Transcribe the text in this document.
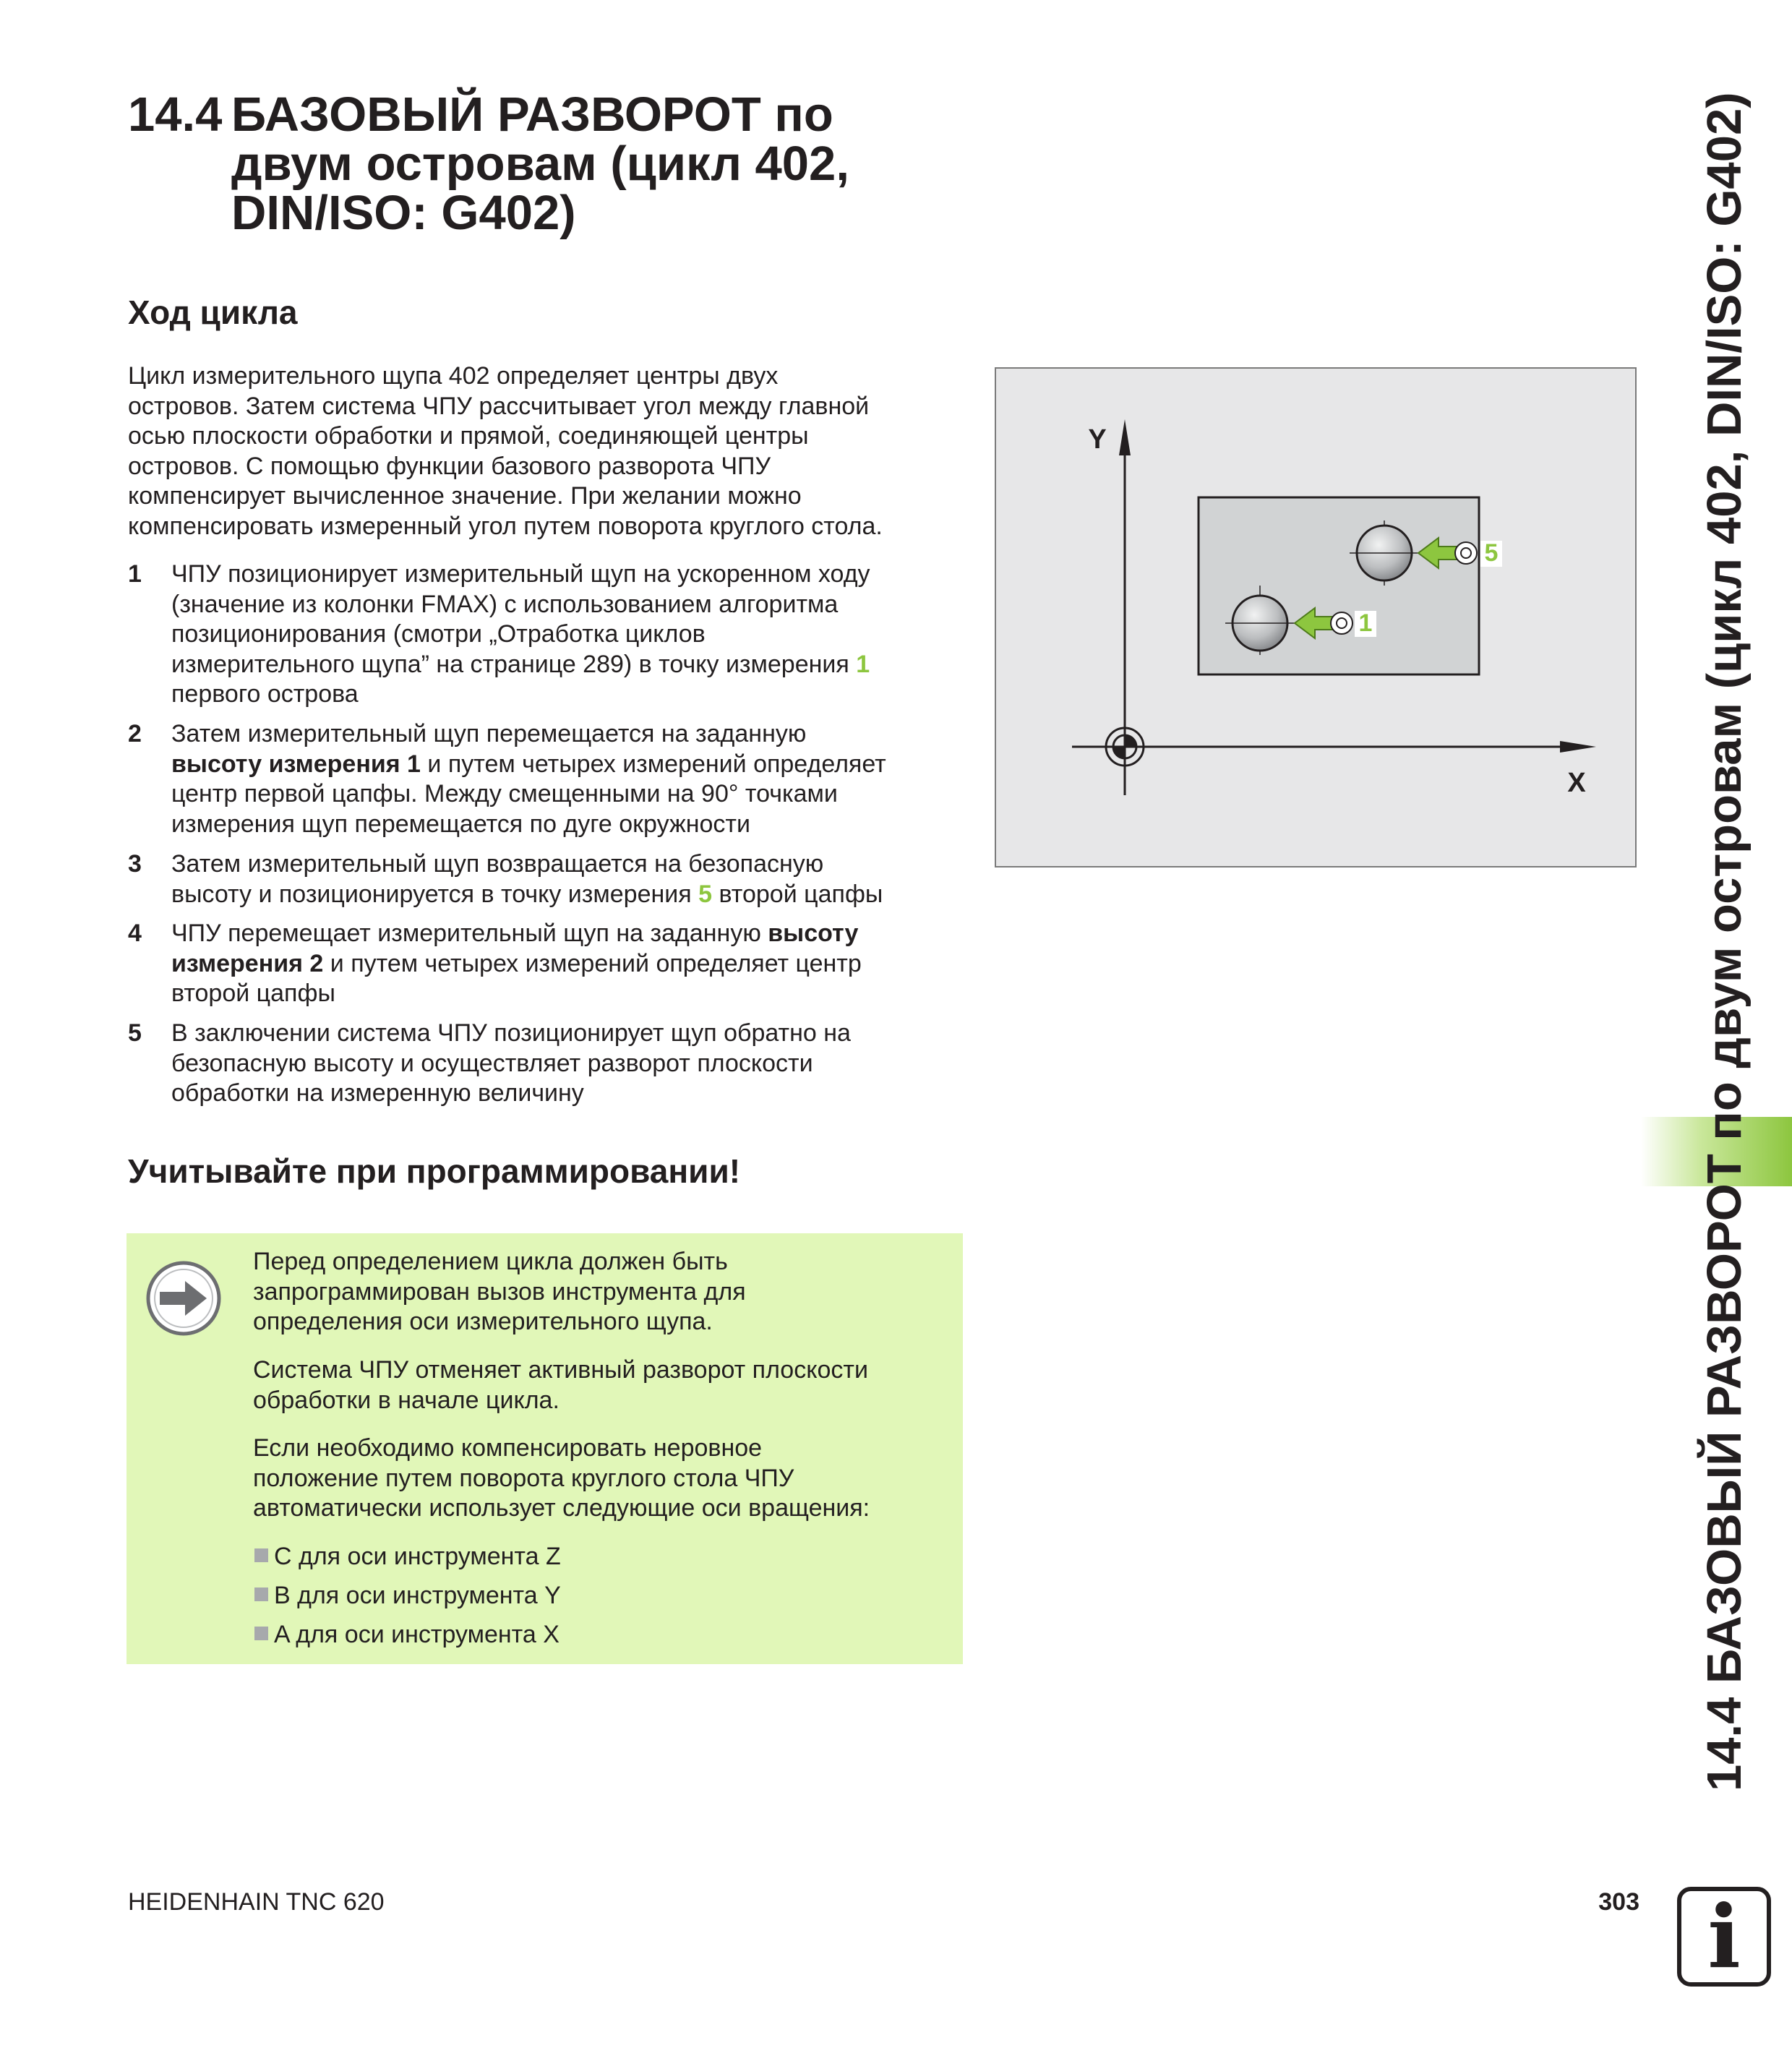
14.4 БАЗОВЫЙ РАЗВОРОТ по
двум островам (цикл 402,
DIN/ISO: G402)
Ход цикла
Цикл измерительного щупа 402 определяет центры двух
островов. Затем система ЧПУ рассчитывает угол между главной
осью плоскости обработки и прямой, соединяющей центры
островов. С помощью функции базового разворота ЧПУ
компенсирует вычисленное значение. При желании можно
компенсировать измеренный угол путем поворота круглого стола.
1 ЧПУ позиционирует измерительный щуп на ускоренном ходу
(значение из колонки FMAX) с использованием алгоритма
позиционирования (смотри „Отработка циклов
измерительного щупа” на странице 289) в точку измерения 1
первого острова
2 Затем измерительный щуп перемещается на заданную
высоту измерения 1 и путем четырех измерений определяет
центр первой цапфы. Между смещенными на 90° точками
измерения щуп перемещается по дуге окружности
3 Затем измерительный щуп возвращается на безопасную
высоту и позиционируется в точку измерения 5 второй цапфы
4 ЧПУ перемещает измерительный щуп на заданную высоту
измерения 2 и путем четырех измерений определяет центр
второй цапфы
5 В заключении система ЧПУ позиционирует щуп обратно на
безопасную высоту и осуществляет разворот плоскости
обработки на измеренную величину
Учитывайте при программировании!
Перед определением цикла должен быть
запрограммирован вызов инструмента для
определения оси измерительного щупа.
Система ЧПУ отменяет активный разворот плоскости
обработки в начале цикла.
Если необходимо компенсировать неровное
положение путем поворота круглого стола ЧПУ
автоматически использует следующие оси вращения:
C для оси инструмента Z
B для оси инструмента Y
A для оси инструмента X
5
1
Y
X 14.4 БАЗОВЫЙ РАЗВОРОТ по двум островам (цикл 402, DIN/ISO: G402)
HEIDENHAIN TNC 620	303 i
